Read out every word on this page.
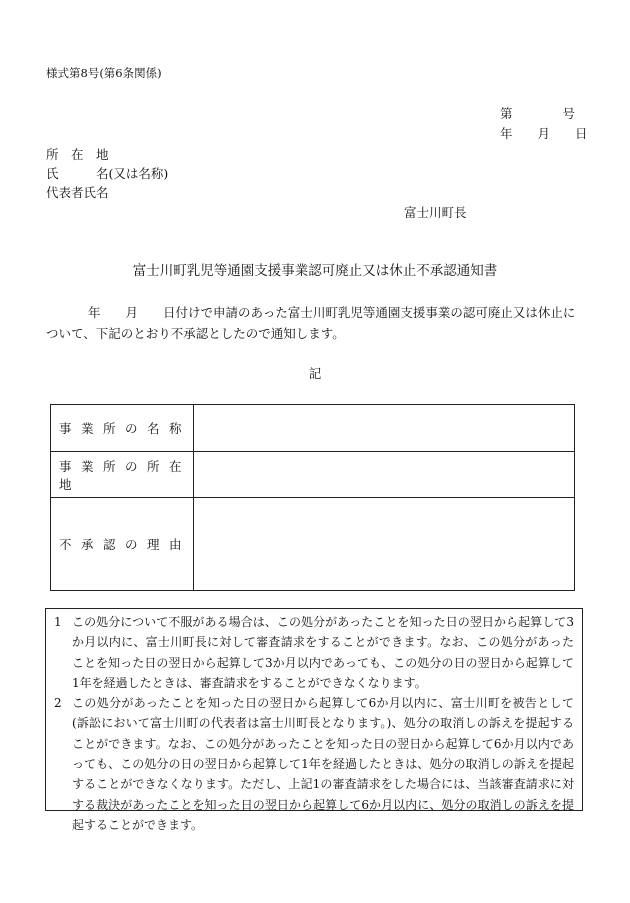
様式第8号(第6条関係)
第　　　　号
年　　月　　日
所　在　地
氏　　　名(又は名称)
代表者氏名
富士川町長
富士川町乳児等通園支援事業認可廃止又は休止不承認通知書
年　　月　　日付けで申請のあった富士川町乳児等通園支援事業の認可廃止又は休止について、下記のとおり不承認としたので通知します。
記
事業所の名称
事業所の所在地
不承認の理由
1 この処分について不服がある場合は、この処分があったことを知った日の翌日から起算して3か月以内に、富士川町長に対して審査請求をすることができます。なお、この処分があったことを知った日の翌日から起算して3か月以内であっても、この処分の日の翌日から起算して1年を経過したときは、審査請求をすることができなくなります。
2 この処分があったことを知った日の翌日から起算して6か月以内に、富士川町を被告として(訴訟において富士川町の代表者は富士川町長となります。)、処分の取消しの訴えを提起することができます。なお、この処分があったことを知った日の翌日から起算して6か月以内であっても、この処分の日の翌日から起算して1年を経過したときは、処分の取消しの訴えを提起することができなくなります。ただし、上記1の審査請求をした場合には、当該審査請求に対する裁決があったことを知った日の翌日から起算して6か月以内に、処分の取消しの訴えを提起することができます。
